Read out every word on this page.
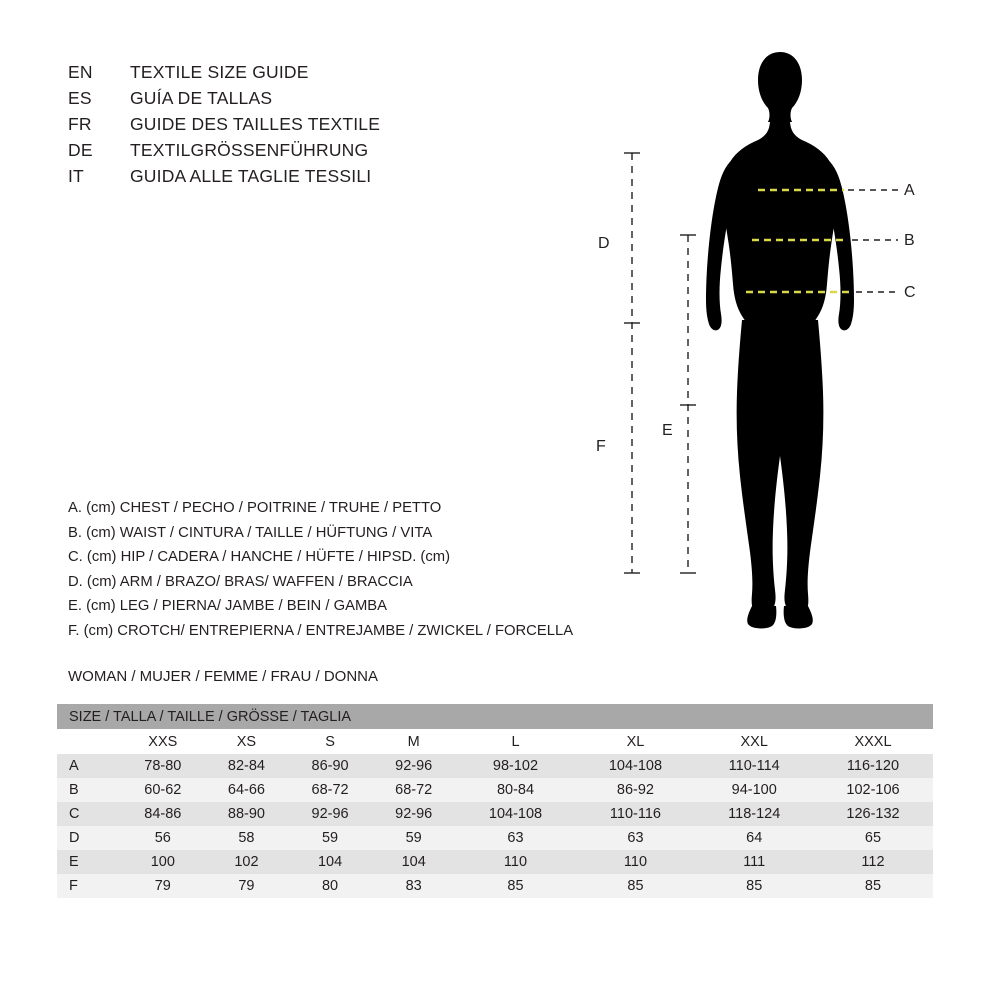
EN	TEXTILE SIZE GUIDE
ES	GUÍA DE TALLAS
FR	GUIDE DES TAILLES TEXTILE
DE	TEXTILGRÖSSENFÜHRUNG
IT	GUIDA ALLE TAGLIE TESSILI
A. (cm) CHEST / PECHO / POITRINE / TRUHE / PETTO
B. (cm) WAIST / CINTURA / TAILLE / HÜFTUNG / VITA
C. (cm) HIP / CADERA / HANCHE / HÜFTE / HIPSD. (cm)
D. (cm) ARM / BRAZO/ BRAS/ WAFFEN / BRACCIA
E. (cm) LEG / PIERNA/ JAMBE / BEIN / GAMBA
F. (cm) CROTCH/ ENTREPIERNA / ENTREJAMBE / ZWICKEL / FORCELLA
WOMAN / MUJER / FEMME / FRAU / DONNA
SIZE / TALLA / TAILLE / GRÖSSE / TAGLIA								
	XXS	XS	S	M	L	XL	XXL	XXXL
A	78-80	82-84	86-90	92-96	98-102	104-108	110-114	116-120
B	60-62	64-66	68-72	68-72	80-84	86-92	94-100	102-106
C	84-86	88-90	92-96	92-96	104-108	110-116	118-124	126-132
D	56	58	59	59	63	63	64	65
E	100	102	104	104	110	110	111	112
F	79	79	80	83	85	85	85	85
D
F
E
A
B
C
